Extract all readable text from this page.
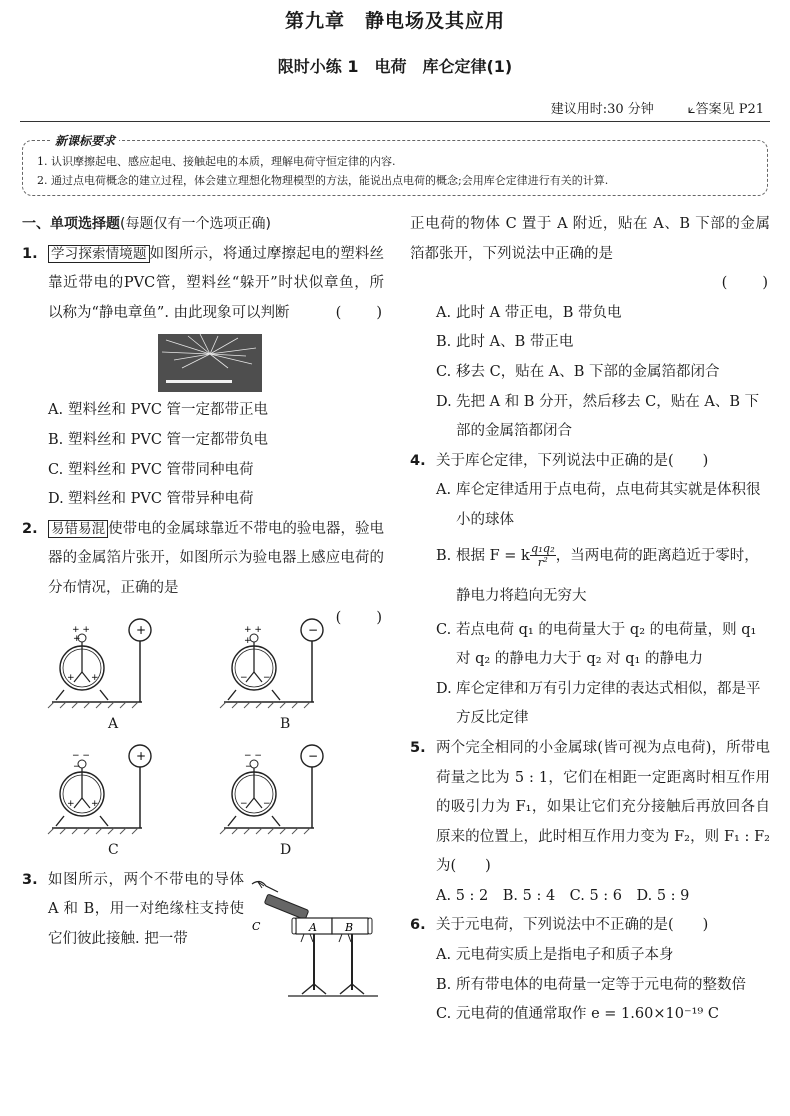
第九章　静电场及其应用
限时小练 1　电荷　库仑定律(1)
建议用时:30 分钟	⟀答案见 P21
新课标要求
1. 认识摩擦起电、感应起电、接触起电的本质，理解电荷守恒定律的内容.
2. 通过点电荷概念的建立过程，体会建立理想化物理模型的方法，能说出点电荷的概念;会用库仑定律进行有关的计算.
一、单项选择题(每题仅有一个选项正确)
1. 学习探索情境题 如图所示，将通过摩擦起电的塑料丝靠近带电的PVC管，塑料丝“躲开”时状似章鱼，所以称为“静电章鱼”. 由此现象可以判断	(　　)
A. 塑料丝和 PVC 管一定都带正电
B. 塑料丝和 PVC 管一定都带负电
C. 塑料丝和 PVC 管带同种电荷
D. 塑料丝和 PVC 管带异种电荷
2. 易错易混 使带电的金属球靠近不带电的验电器，验电器的金属箔片张开，如图所示为验电器上感应电荷的分布情况，正确的是

(　　)
+
+ +
+
+ +
A
−
+ +
+
− −
B
+
− −
−
+ +
C
−
− −
−
− −
D
3. 如图所示，两个不带电的导体 A 和 B，用一对绝缘柱支持使它们彼此接触. 把一带
C	A	B
正电荷的物体 C 置于 A 附近，贴在 A、B 下部的金属箔都张开，下列说法中正确的是
(　　)
A. 此时 A 带正电，B 带负电
B. 此时 A、B 带正电
C. 移去 C，贴在 A、B 下部的金属箔都闭合
D. 先把 A 和 B 分开，然后移去 C，贴在 A、B 下部的金属箔都闭合
4. 关于库仑定律，下列说法中正确的是(　　)
A. 库仑定律适用于点电荷，点电荷其实就是体积很小的球体
B. 根据 F = k $\frac{\text{q₁q₂}}{\text{r²}}$ ，当两电荷的距离趋近于零时，静电力将趋向无穷大
C. 若点电荷 q₁ 的电荷量大于 q₂ 的电荷量，则 q₁ 对 q₂ 的静电力大于 q₂ 对 q₁ 的静电力
D. 库仑定律和万有引力定律的表达式相似，都是平方反比定律
5. 两个完全相同的小金属球(皆可视为点电荷)，所带电荷量之比为 5 : 1，它们在相距一定距离时相互作用的吸引力为 F₁，如果让它们充分接触后再放回各自原来的位置上，此时相互作用力变为 F₂，则 F₁ : F₂ 为(　　)
A. 5 : 2　B. 5 : 4　C. 5 : 6　D. 5 : 9
6. 关于元电荷，下列说法中不正确的是(　　)
A. 元电荷实质上是指电子和质子本身
B. 所有带电体的电荷量一定等于元电荷的整数倍
C. 元电荷的值通常取作 e = 1.60×10⁻¹⁹ C
